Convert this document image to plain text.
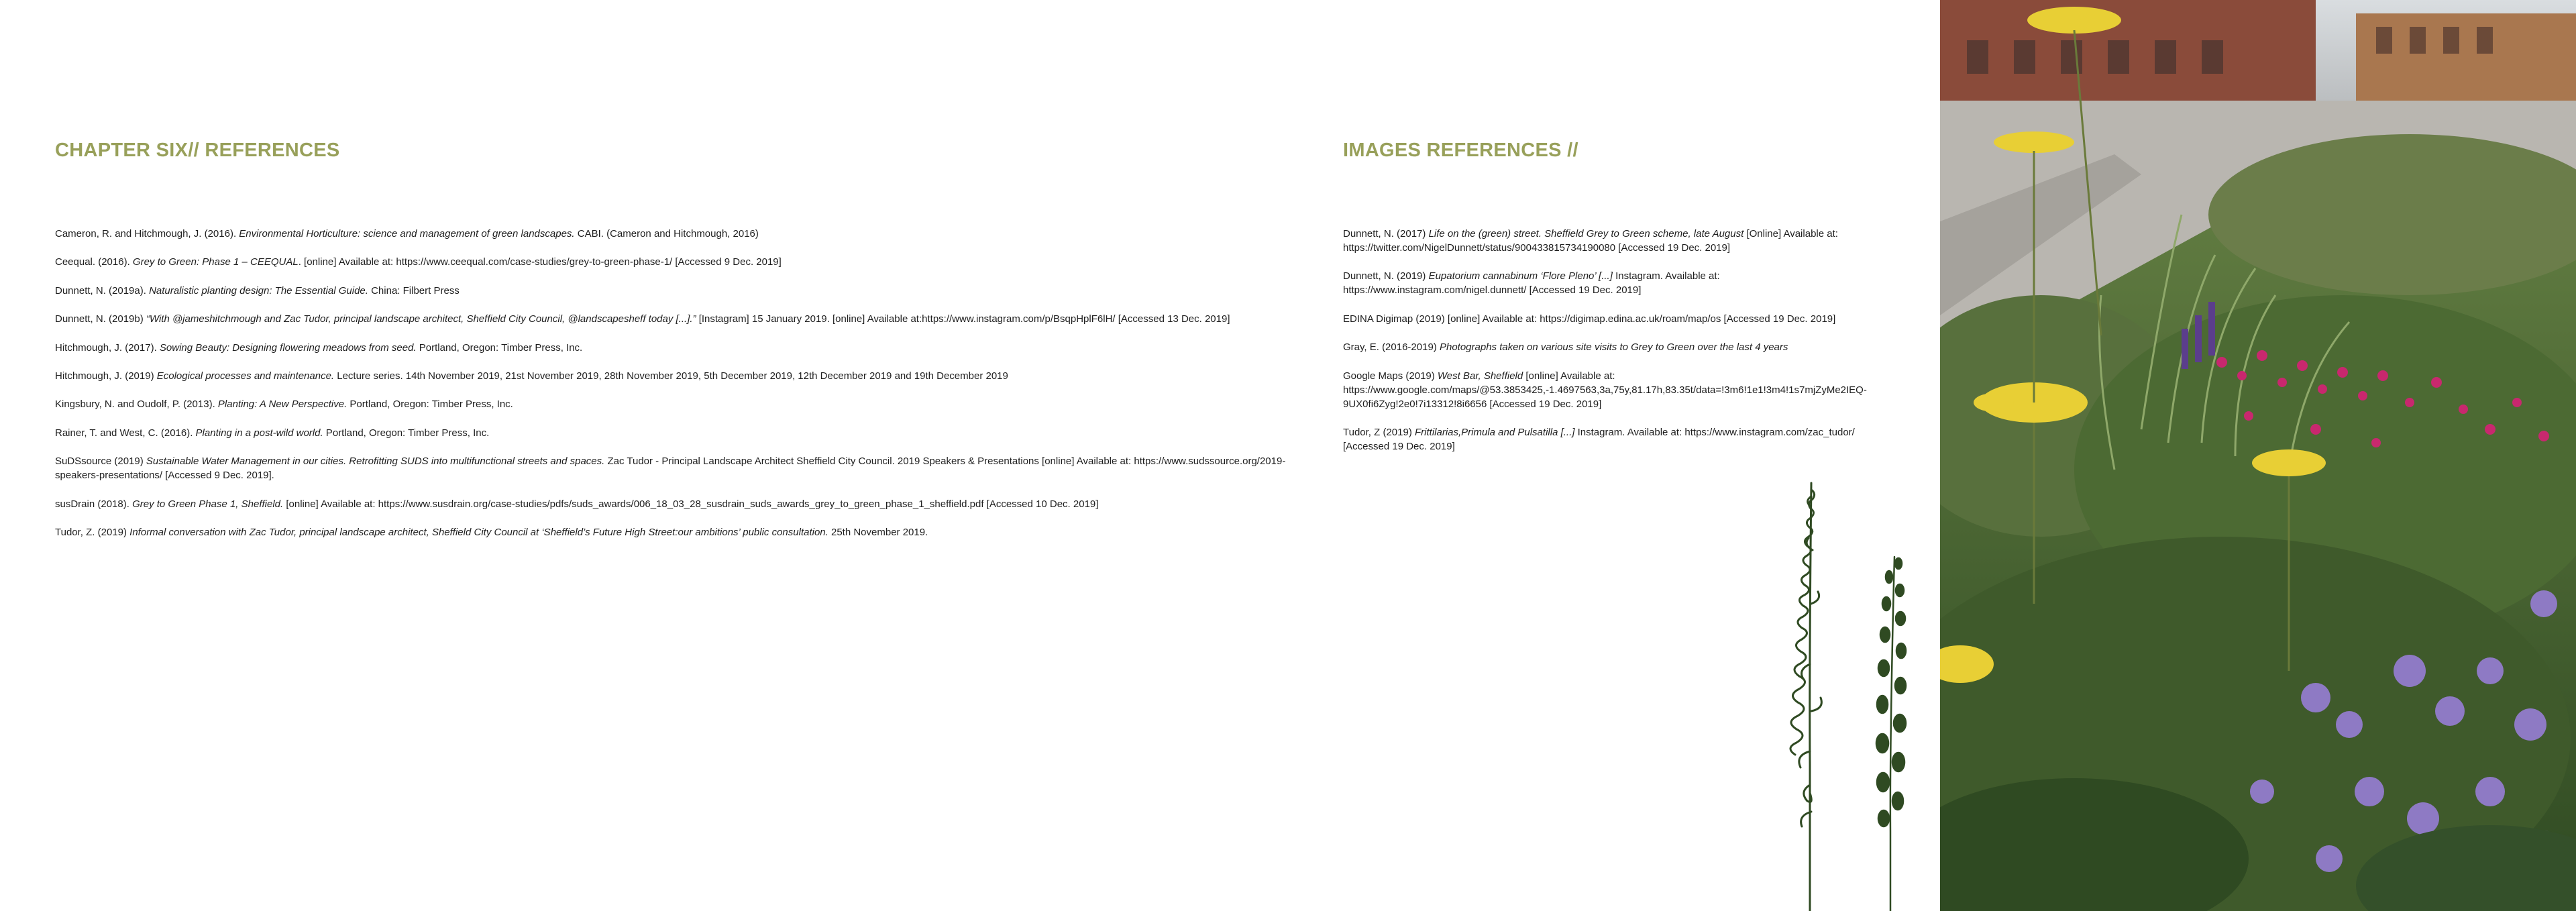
CHAPTER SIX// REFERENCES
Cameron, R. and Hitchmough, J. (2016). Environmental Horticulture: science and management of green landscapes. CABI. (Cameron and Hitchmough, 2016)
Ceequal. (2016). Grey to Green: Phase 1 – CEEQUAL. [online] Available at: https://www.ceequal.com/case-studies/grey-to-green-phase-1/ [Accessed 9 Dec. 2019]
Dunnett, N. (2019a). Naturalistic planting design: The Essential Guide. China: Filbert Press
Dunnett, N. (2019b) “With @jameshitchmough and Zac Tudor, principal landscape architect, Sheffield City Council, @landscapesheff today [...].” [Instagram] 15 January 2019. [online] Available at:https://www.instagram.com/p/BsqpHplF6lH/ [Accessed 13 Dec. 2019]
Hitchmough, J. (2017). Sowing Beauty: Designing flowering meadows from seed. Portland, Oregon: Timber Press, Inc.
Hitchmough, J. (2019) Ecological processes and maintenance. Lecture series. 14th November 2019, 21st November 2019, 28th November 2019, 5th December 2019, 12th December 2019 and 19th December 2019
Kingsbury, N. and Oudolf, P. (2013). Planting: A New Perspective. Portland, Oregon: Timber Press, Inc.
Rainer, T. and West, C. (2016). Planting in a post-wild world. Portland, Oregon: Timber Press, Inc.
SuDSsource (2019) Sustainable Water Management in our cities. Retrofitting SUDS into multifunctional streets and spaces. Zac Tudor - Principal Landscape Architect Sheffield City Council. 2019 Speakers & Presentations [online] Available at: https://www.sudssource.org/2019-speakers-presentations/ [Accessed 9 Dec. 2019].
susDrain (2018). Grey to Green Phase 1, Sheffield. [online] Available at: https://www.susdrain.org/case-studies/pdfs/suds_awards/006_18_03_28_susdrain_suds_awards_grey_to_green_phase_1_sheffield.pdf [Accessed 10 Dec. 2019]
Tudor, Z. (2019) Informal conversation with Zac Tudor, principal landscape architect, Sheffield City Council at ‘Sheffield’s Future High Street:our ambitions’ public consultation. 25th November 2019.
IMAGES REFERENCES //
Dunnett, N. (2017) Life on the (green) street. Sheffield Grey to Green scheme, late August [Online] Available at: https://twitter.com/NigelDunnett/status/900433815734190080 [Accessed 19 Dec. 2019]
Dunnett, N. (2019) Eupatorium cannabinum ‘Flore Pleno’ [...] Instagram. Available at: https://www.instagram.com/nigel.dunnett/ [Accessed 19 Dec. 2019]
EDINA Digimap (2019) [online] Available at: https://digimap.edina.ac.uk/roam/map/os [Accessed 19 Dec. 2019]
Gray, E. (2016-2019) Photographs taken on various site visits to Grey to Green over the last 4 years
Google Maps (2019) West Bar, Sheffield [online] Available at: https://www.google.com/maps/@53.3853425,-1.4697563,3a,75y,81.17h,83.35t/data=!3m6!1e1!3m4!1s7mjZyMe2IEQ-9UX0fi6Zyg!2e0!7i13312!8i6656 [Accessed 19 Dec. 2019]
Tudor, Z (2019) Frittilarias,Primula and Pulsatilla [...] Instagram. Available at: https://www.instagram.com/zac_tudor/ [Accessed 19 Dec. 2019]
